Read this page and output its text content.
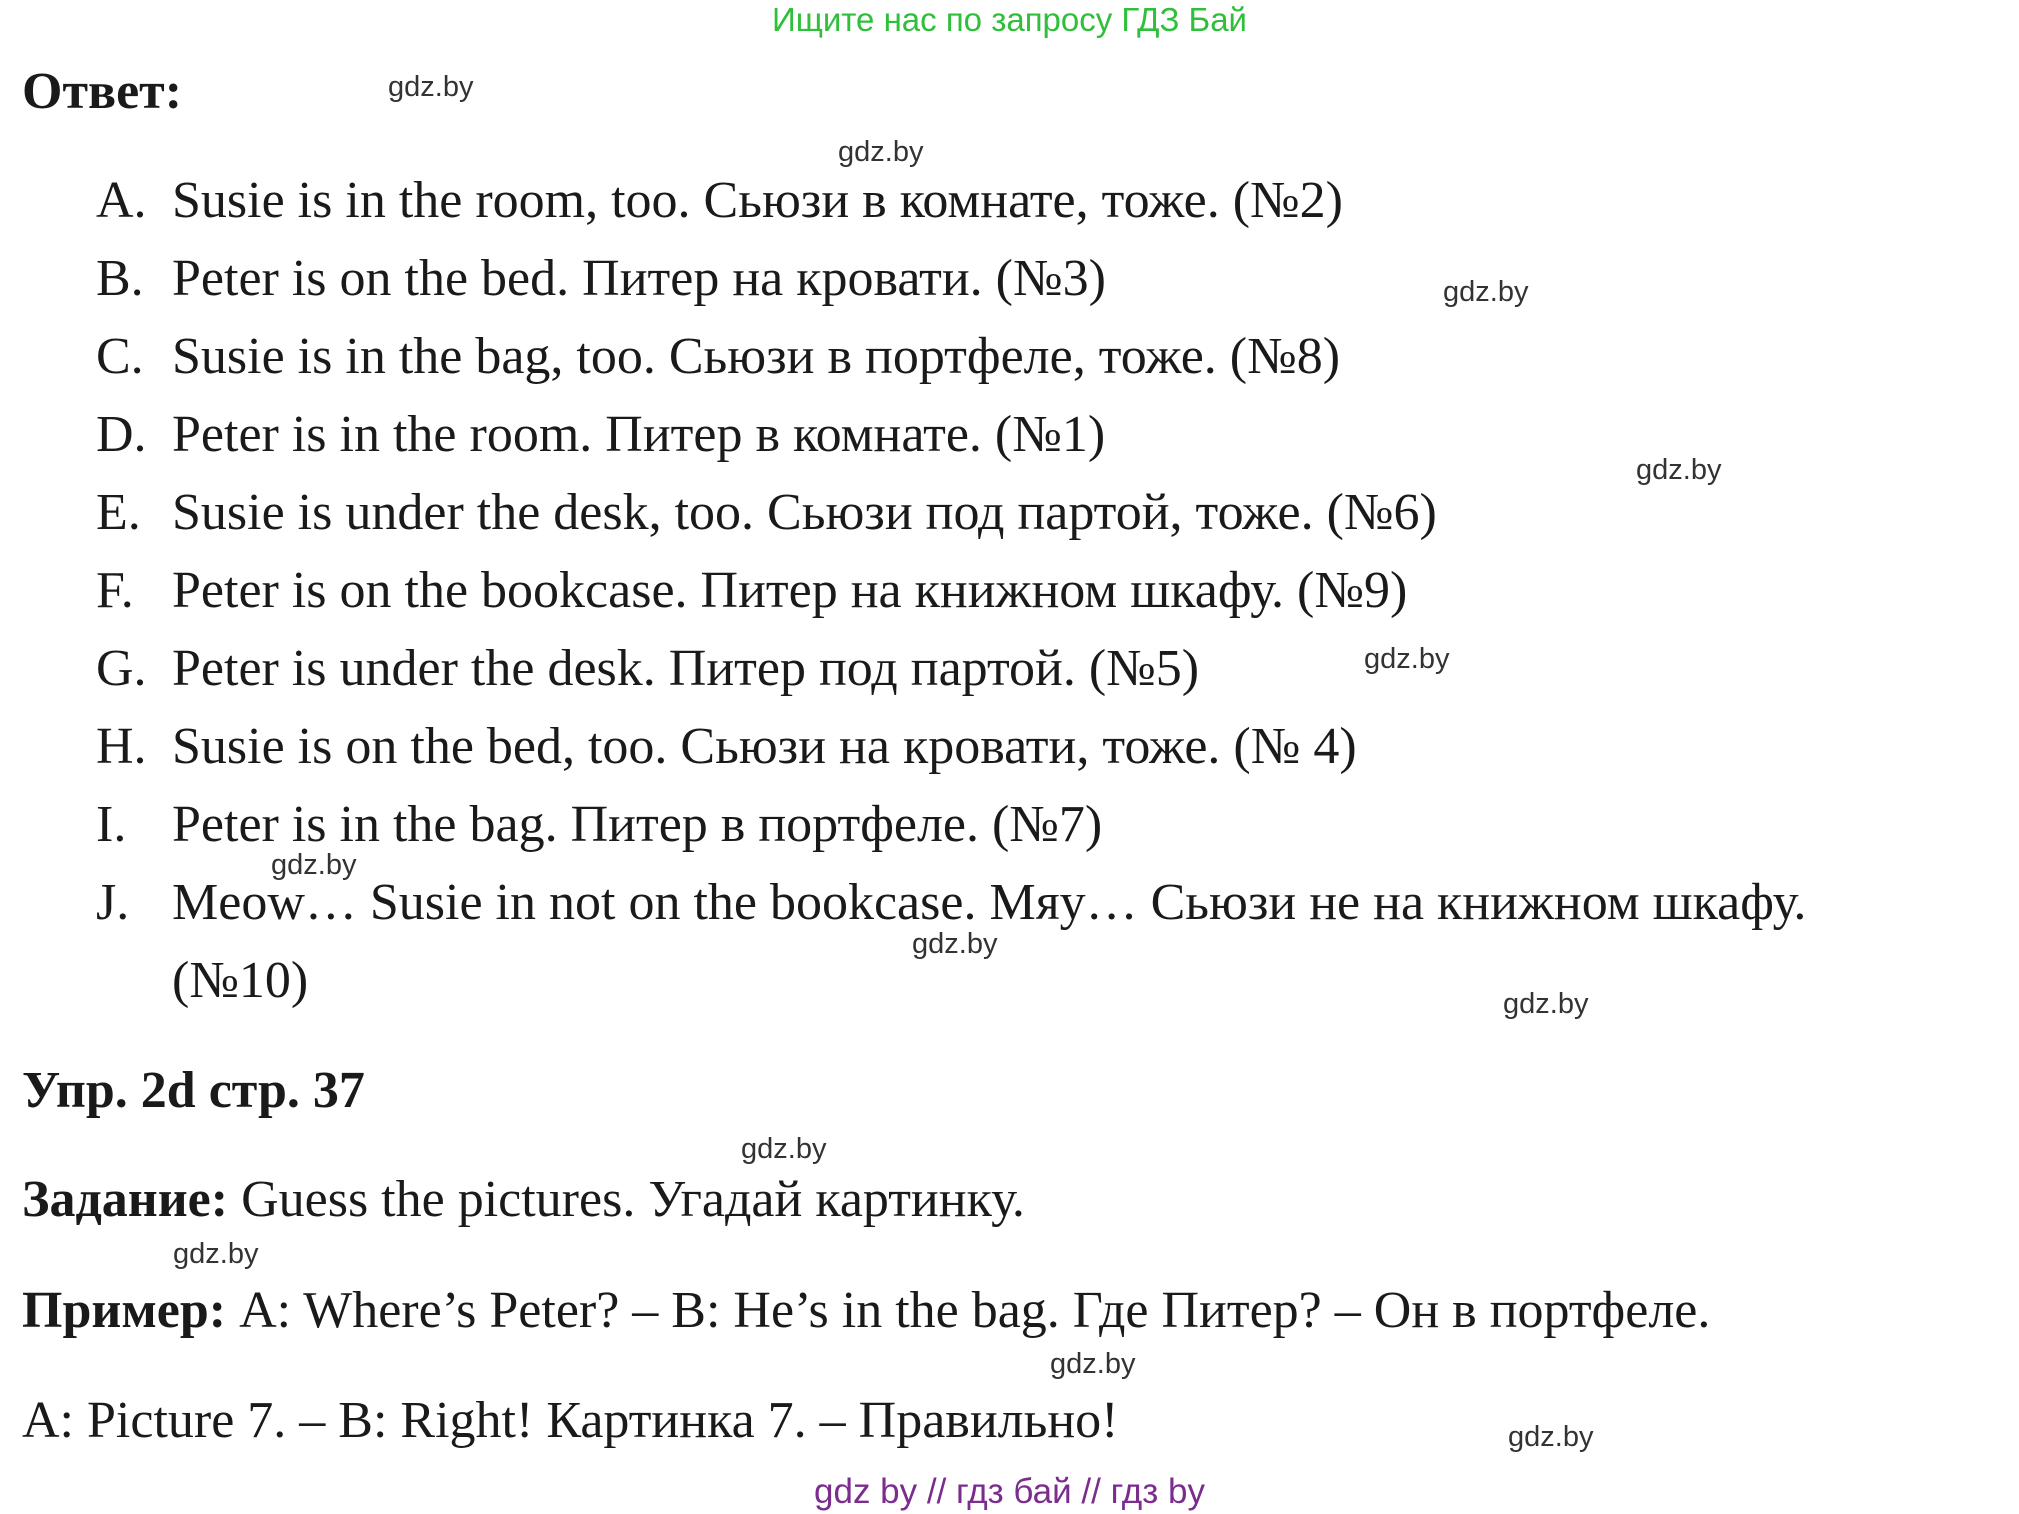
Ищите нас по запросу ГДЗ Бай
Ответ:
A. Susie is in the room, too. Сьюзи в комнате, тоже. (№2)
B. Peter is on the bed. Питер на кровати. (№3)
C. Susie is in the bag, too. Сьюзи в портфеле, тоже. (№8)
D. Peter is in the room. Питер в комнате. (№1)
E. Susie is under the desk, too. Сьюзи под партой, тоже. (№6)
F. Peter is on the bookcase. Питер на книжном шкафу. (№9)
G. Peter is under the desk. Питер под партой. (№5)
H. Susie is on the bed, too. Сьюзи на кровати, тоже. (№ 4)
I. Peter is in the bag. Питер в портфеле. (№7)
J. Meow… Susie in not on the bookcase. Мяу… Сьюзи не на книжном шкафу.
(№10)
Упр. 2d стр. 37
Задание: Guess the pictures. Угадай картинку.
Пример: A: Where’s Peter? – B: He’s in the bag. Где Питер? – Он в портфеле.
A: Picture 7. – B: Right! Картинка 7. – Правильно!
gdz.by
gdz.by
gdz.by
gdz.by
gdz.by
gdz.by
gdz.by
gdz.by
gdz.by
gdz.by
gdz.by
gdz.by
gdz by // гдз бай // гдз by
